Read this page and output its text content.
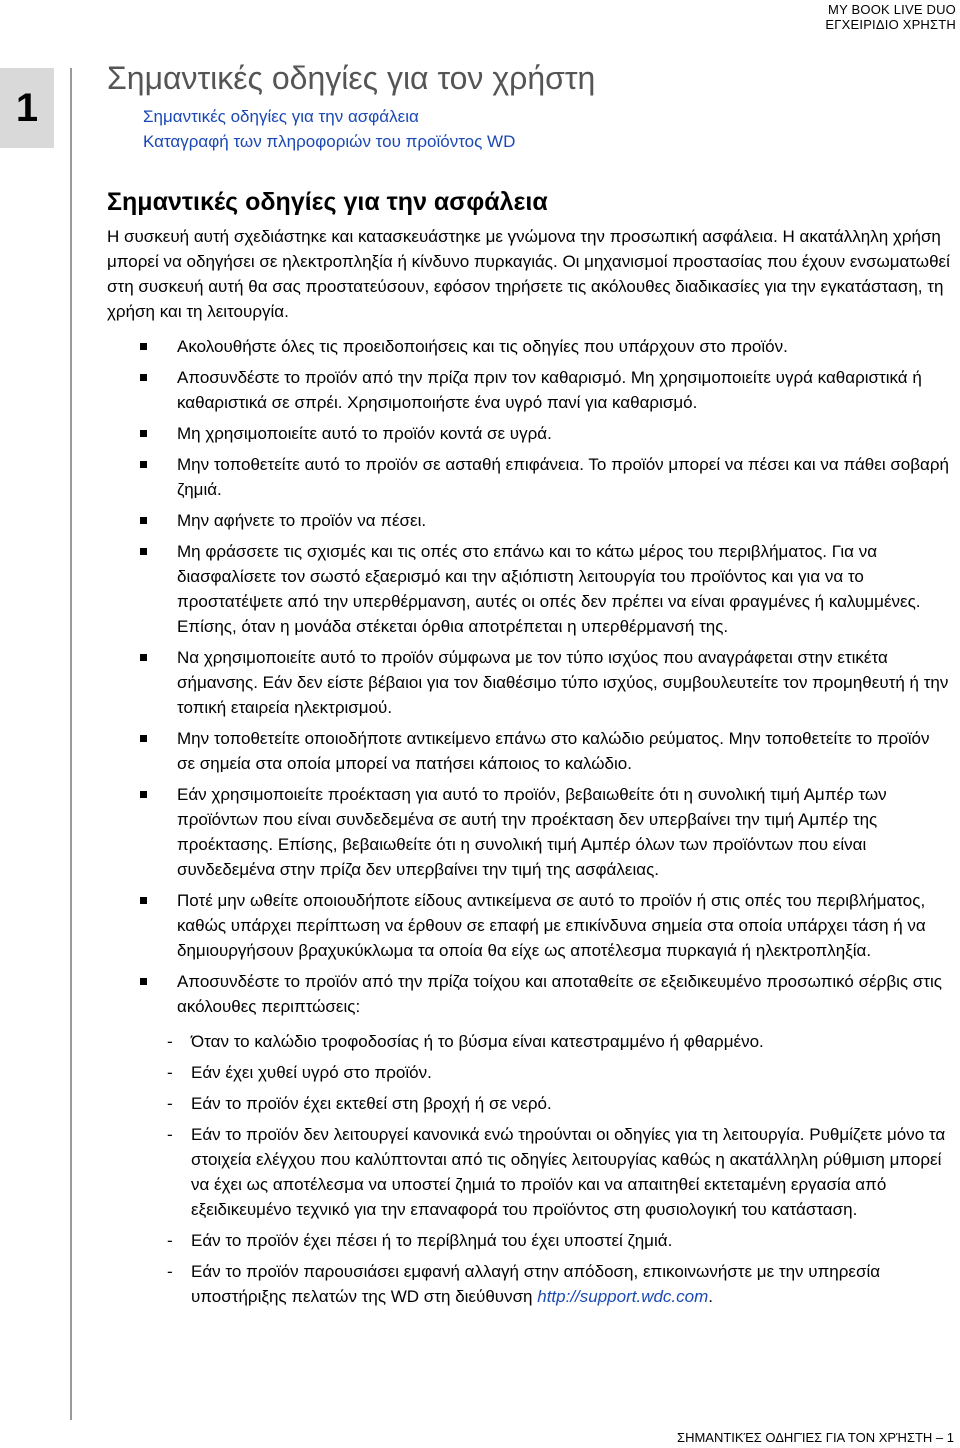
MY BOOK LIVE DUO
ΕΓΧΕΙΡΙΔΙΟ ΧΡΗΣΤΗ
1
Σημαντικές οδηγίες για τον χρήστη
Σημαντικές οδηγίες για την ασφάλεια
Καταγραφή των πληροφοριών του προϊόντος WD
Σημαντικές οδηγίες για την ασφάλεια

Η συσκευή αυτή σχεδιάστηκε και κατασκευάστηκε με γνώμονα την προσωπική ασφάλεια. Η ακατάλληλη χρήση μπορεί να οδηγήσει σε ηλεκτροπληξία ή κίνδυνο πυρκαγιάς. Οι μηχανισμοί προστασίας που έχουν ενσωματωθεί στη συσκευή αυτή θα σας προστατεύσουν, εφόσον τηρήσετε τις ακόλουθες διαδικασίες για την εγκατάσταση, τη χρήση και τη λειτουργία.

Ακολουθήστε όλες τις προειδοποιήσεις και τις οδηγίες που υπάρχουν στο προϊόν.
Αποσυνδέστε το προϊόν από την πρίζα πριν τον καθαρισμό. Μη χρησιμοποιείτε υγρά καθαριστικά ή καθαριστικά σε σπρέι. Χρησιμοποιήστε ένα υγρό πανί για καθαρισμό.
Μη χρησιμοποιείτε αυτό το προϊόν κοντά σε υγρά.
Μην τοποθετείτε αυτό το προϊόν σε ασταθή επιφάνεια. Το προϊόν μπορεί να πέσει και να πάθει σοβαρή ζημιά.
Μην αφήνετε το προϊόν να πέσει.
Μη φράσσετε τις σχισμές και τις οπές στο επάνω και το κάτω μέρος του περιβλήματος. Για να διασφαλίσετε τον σωστό εξαερισμό και την αξιόπιστη λειτουργία του προϊόντος και για να το προστατέψετε από την υπερθέρμανση, αυτές οι οπές δεν πρέπει να είναι φραγμένες ή καλυμμένες. Επίσης, όταν η μονάδα στέκεται όρθια αποτρέπεται η υπερθέρμανσή της.
Να χρησιμοποιείτε αυτό το προϊόν σύμφωνα με τον τύπο ισχύος που αναγράφεται στην ετικέτα σήμανσης. Εάν δεν είστε βέβαιοι για τον διαθέσιμο τύπο ισχύος, συμβουλευτείτε τον προμηθευτή ή την τοπική εταιρεία ηλεκτρισμού.
Μην τοποθετείτε οποιοδήποτε αντικείμενο επάνω στο καλώδιο ρεύματος. Μην τοποθετείτε το προϊόν σε σημεία στα οποία μπορεί να πατήσει κάποιος το καλώδιο.
Εάν χρησιμοποιείτε προέκταση για αυτό το προϊόν, βεβαιωθείτε ότι η συνολική τιμή Αμπέρ των προϊόντων που είναι συνδεδεμένα σε αυτή την προέκταση δεν υπερβαίνει την τιμή Αμπέρ της προέκτασης. Επίσης, βεβαιωθείτε ότι η συνολική τιμή Αμπέρ όλων των προϊόντων που είναι συνδεδεμένα στην πρίζα δεν υπερβαίνει την τιμή της ασφάλειας.
Ποτέ μην ωθείτε οποιουδήποτε είδους αντικείμενα σε αυτό το προϊόν ή στις οπές του περιβλήματος, καθώς υπάρχει περίπτωση να έρθουν σε επαφή με επικίνδυνα σημεία στα οποία υπάρχει τάση ή να δημιουργήσουν βραχυκύκλωμα τα οποία θα είχε ως αποτέλεσμα πυρκαγιά ή ηλεκτροπληξία.
Αποσυνδέστε το προϊόν από την πρίζα τοίχου και αποταθείτε σε εξειδικευμένο προσωπικό σέρβις στις ακόλουθες περιπτώσεις:
- Όταν το καλώδιο τροφοδοσίας ή το βύσμα είναι κατεστραμμένο ή φθαρμένο.
- Εάν έχει χυθεί υγρό στο προϊόν.
- Εάν το προϊόν έχει εκτεθεί στη βροχή ή σε νερό.
- Εάν το προϊόν δεν λειτουργεί κανονικά ενώ τηρούνται οι οδηγίες για τη λειτουργία. Ρυθμίζετε μόνο τα στοιχεία ελέγχου που καλύπτονται από τις οδηγίες λειτουργίας καθώς η ακατάλληλη ρύθμιση μπορεί να έχει ως αποτέλεσμα να υποστεί ζημιά το προϊόν και να απαιτηθεί εκτεταμένη εργασία από εξειδικευμένο τεχνικό για την επαναφορά του προϊόντος στη φυσιολογική του κατάσταση.
- Εάν το προϊόν έχει πέσει ή το περίβλημά του έχει υποστεί ζημιά.
- Εάν το προϊόν παρουσιάσει εμφανή αλλαγή στην απόδοση, επικοινωνήστε με την υπηρεσία υποστήριξης πελατών της WD στη διεύθυνση http://support.wdc.com.
ΣΗΜΑΝΤΙΚΈΣ ΟΔΗΓΊΕΣ ΓΙΑ ΤΟΝ ΧΡΉΣΤΗ – 1
